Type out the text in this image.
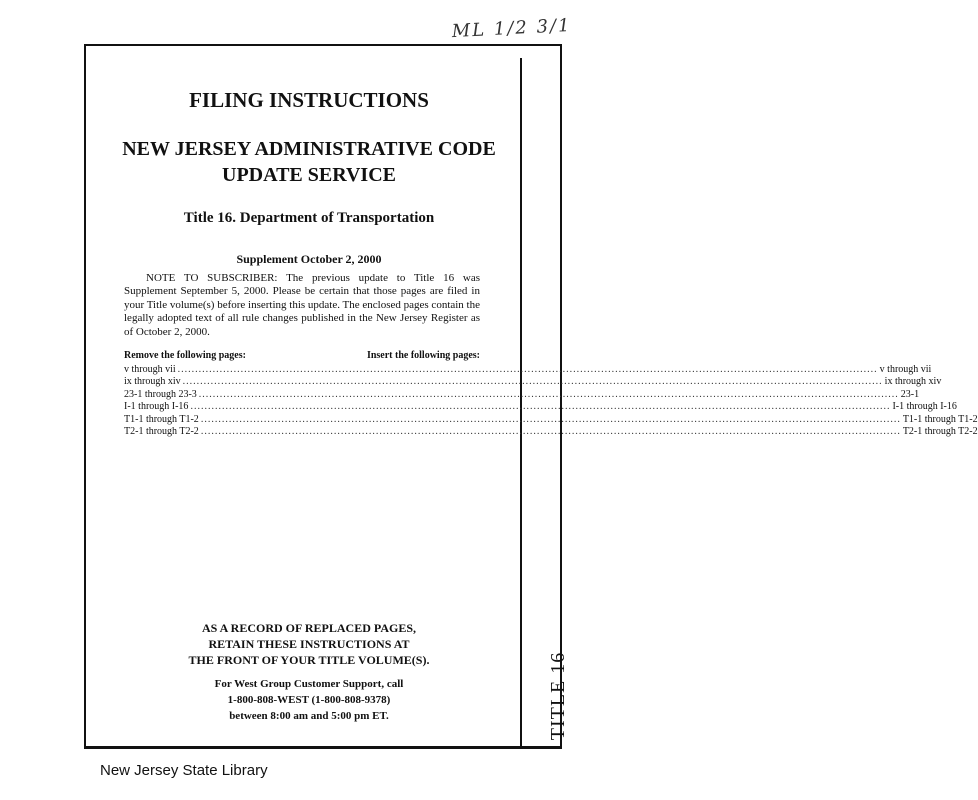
ML 1/2 3/1
TITLE 16
FILING INSTRUCTIONS
NEW JERSEY ADMINISTRATIVE CODE
UPDATE SERVICE
Title 16. Department of Transportation
Supplement October 2, 2000
NOTE TO SUBSCRIBER: The previous update to Title 16 was Supplement September 5, 2000. Please be certain that those pages are filed in your Title volume(s) before inserting this update. The enclosed pages contain the legally adopted text of all rule changes published in the New Jersey Register as of October 2, 2000.
Remove the following pages:	Insert the following pages:
v through vii ........................................................................................................................................................................................................ v through vii
ix through xiv ........................................................................................................................................................................................................ ix through xiv
23-1 through 23-3 ........................................................................................................................................................................................................ 23-1
I-1 through I-16 ........................................................................................................................................................................................................ I-1 through I-16
T1-1 through T1-2 ........................................................................................................................................................................................................ T1-1 through T1-2
T2-1 through T2-2 ........................................................................................................................................................................................................ T2-1 through T2-2
AS A RECORD OF REPLACED PAGES,
RETAIN THESE INSTRUCTIONS AT
THE FRONT OF YOUR TITLE VOLUME(S).
For West Group Customer Support, call
1-800-808-WEST (1-800-808-9378)
between 8:00 am and 5:00 pm ET.
New Jersey State Library
